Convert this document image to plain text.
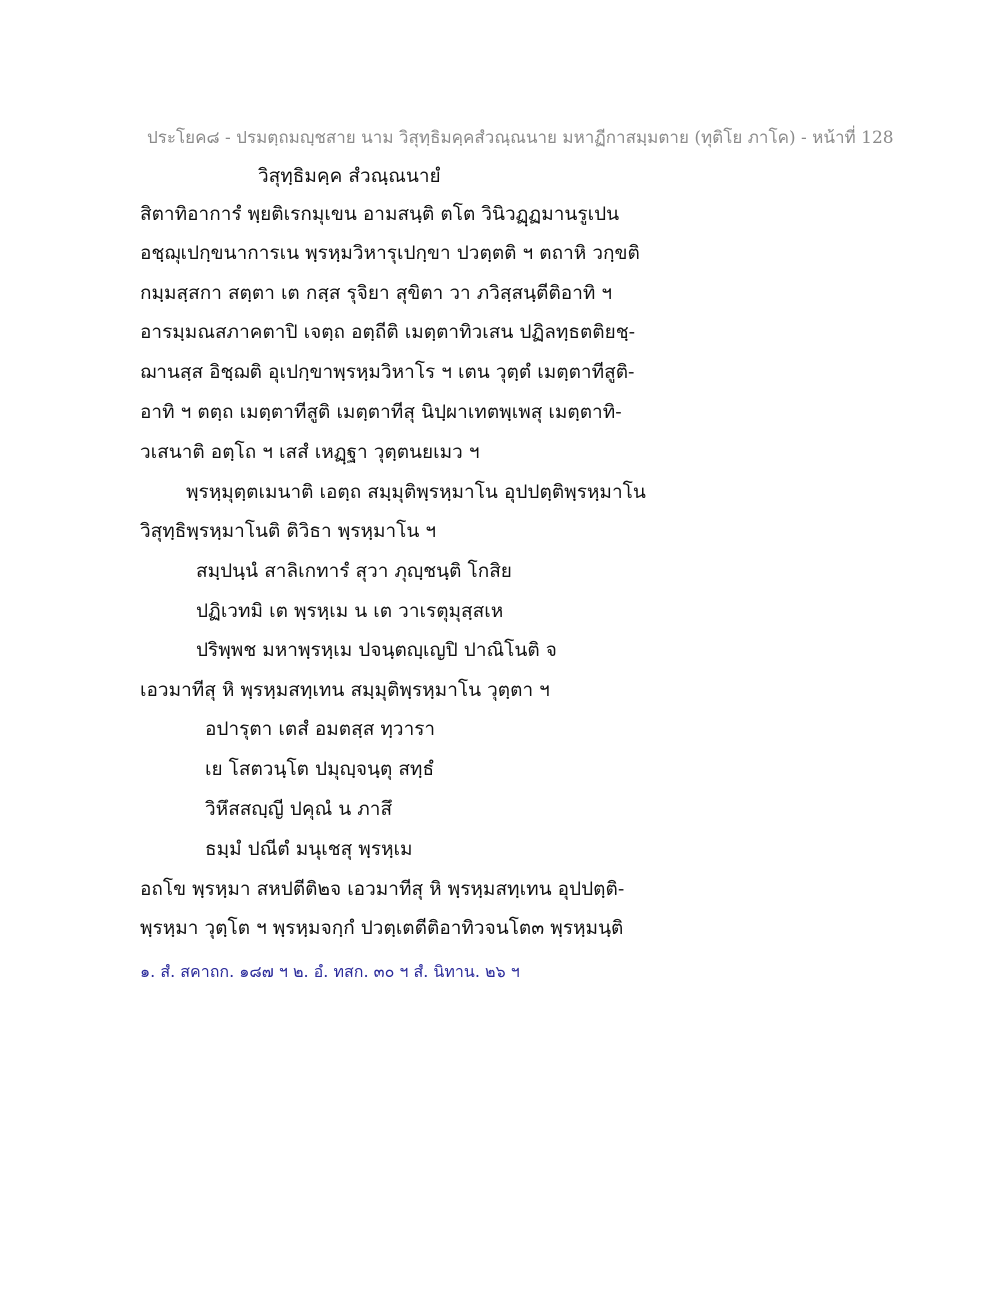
ประโยค๘ - ปรมตฺถมญฺชสาย นาม วิสุทฺธิมคฺคสํวณฺณนาย มหาฏีกาสมฺมตาย (ทุติโย ภาโค) - หน้าที่ 128
วิสุทฺธิมคฺค สํวณฺณนายํ
สิตาทิอาการํ พฺยติเรกมุเขน อามสนฺติ ตโต วินิวฏฺฏมานรูเปน
อชฺฌุเปกฺขนาการเน พฺรหฺมวิหารุเปกฺขา ปวตฺตติ ฯ ตถาหิ วกฺขติ
กมฺมสฺสกา สตฺตา เต กสฺส รุจิยา สุขิตา วา ภวิสฺสนฺตีติอาทิ ฯ
อารมฺมณสภาคตาปิ เจตฺถ อตฺถีติ เมตฺตาทิวเสน ปฏิลทฺธตติยชฺ-
ฌานสฺส อิชฺฌติ อุเปกฺขาพฺรหฺมวิหาโร ฯ เตน วุตฺตํ เมตฺตาทีสูติ-
อาทิ ฯ ตตฺถ เมตฺตาทีสูติ เมตฺตาทีสุ นิปฺผาเทตพฺเพสุ เมตฺตาทิ-
วเสนาติ อตฺโถ ฯ เสสํ เหฏฺฐา วุตฺตนยเมว ฯ
พฺรหฺมุตฺตเมนาติ เอตฺถ สมฺมุติพฺรหฺมาโน อุปปตฺติพฺรหฺมาโน
วิสุทฺธิพฺรหฺมาโนติ ติวิธา พฺรหฺมาโน ฯ
สมฺปนฺนํ สาลิเกทารํ สุวา ภุญฺชนฺติ โกสิย
ปฏิเวทมิ เต พฺรหฺเม น เต วาเรตุมุสฺสเห
ปริพฺพช มหาพฺรหฺเม ปจนฺตญฺเญปิ ปาณิโนติ จ
เอวมาทีสุ หิ พฺรหฺมสทฺเทน สมฺมุติพฺรหฺมาโน วุตฺตา ฯ
อปารุตา เตสํ อมตสฺส ทฺวารา
เย โสตวนฺโต ปมุญฺจนฺตุ สทฺธํ
วิหึสสญฺญี ปคุณํ น ภาสึ
ธมฺมํ ปณีตํ มนุเชสุ พฺรหฺเม
อถโข พฺรหฺมา สหปตีติ๒จ เอวมาทีสุ หิ พฺรหฺมสทฺเทน อุปปตฺติ-
พฺรหฺมา วุตฺโต ฯ พฺรหฺมจกฺกํ ปวตฺเตตีติอาทิวจนโต๓ พฺรหฺมนฺติ
๑. สํ. สคาถก. ๑๘๗ ฯ ๒. อํ. ทสก. ๓๐ ฯ สํ. นิทาน. ๒๖ ฯ
